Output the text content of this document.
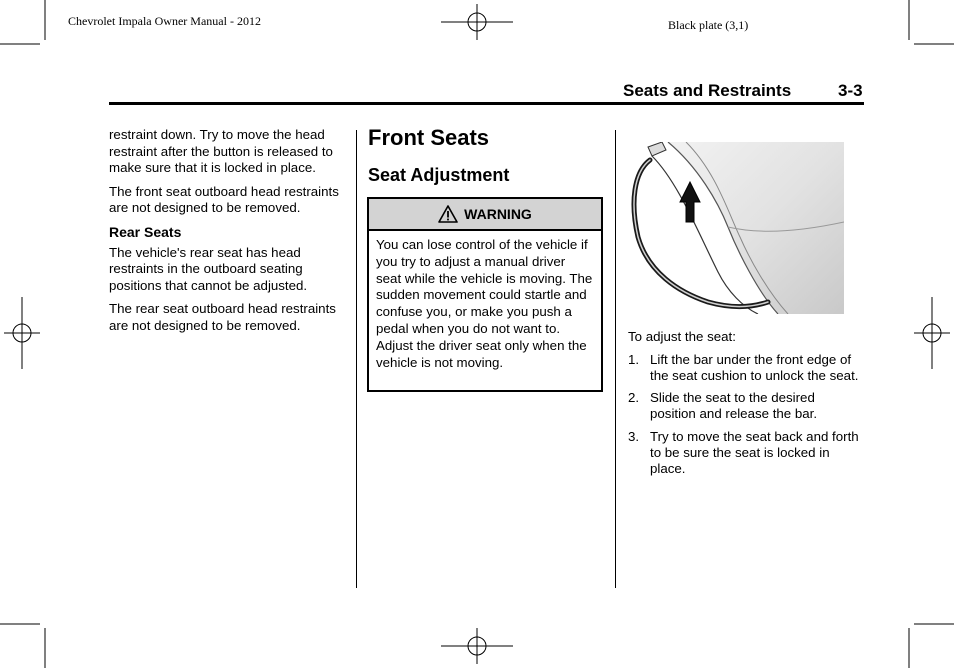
Chevrolet Impala Owner Manual - 2012	Black plate (3,1)
Seats and Restraints	3-3

restraint down. Try to move the head restraint after the button is released to make sure that it is locked in place.

The front seat outboard head restraints are not designed to be removed.

Rear Seats

The vehicle's rear seat has head restraints in the outboard seating positions that cannot be adjusted.

The rear seat outboard head restraints are not designed to be removed.

Front Seats
Seat Adjustment
WARNING
You can lose control of the vehicle if you try to adjust a manual driver seat while the vehicle is moving. The sudden movement could startle and confuse you, or make you push a pedal when you do not want to. Adjust the driver seat only when the vehicle is not moving.

To adjust the seat:

1. Lift the bar under the front edge of the seat cushion to unlock the seat.
2. Slide the seat to the desired position and release the bar.
3. Try to move the seat back and forth to be sure the seat is locked in place.
